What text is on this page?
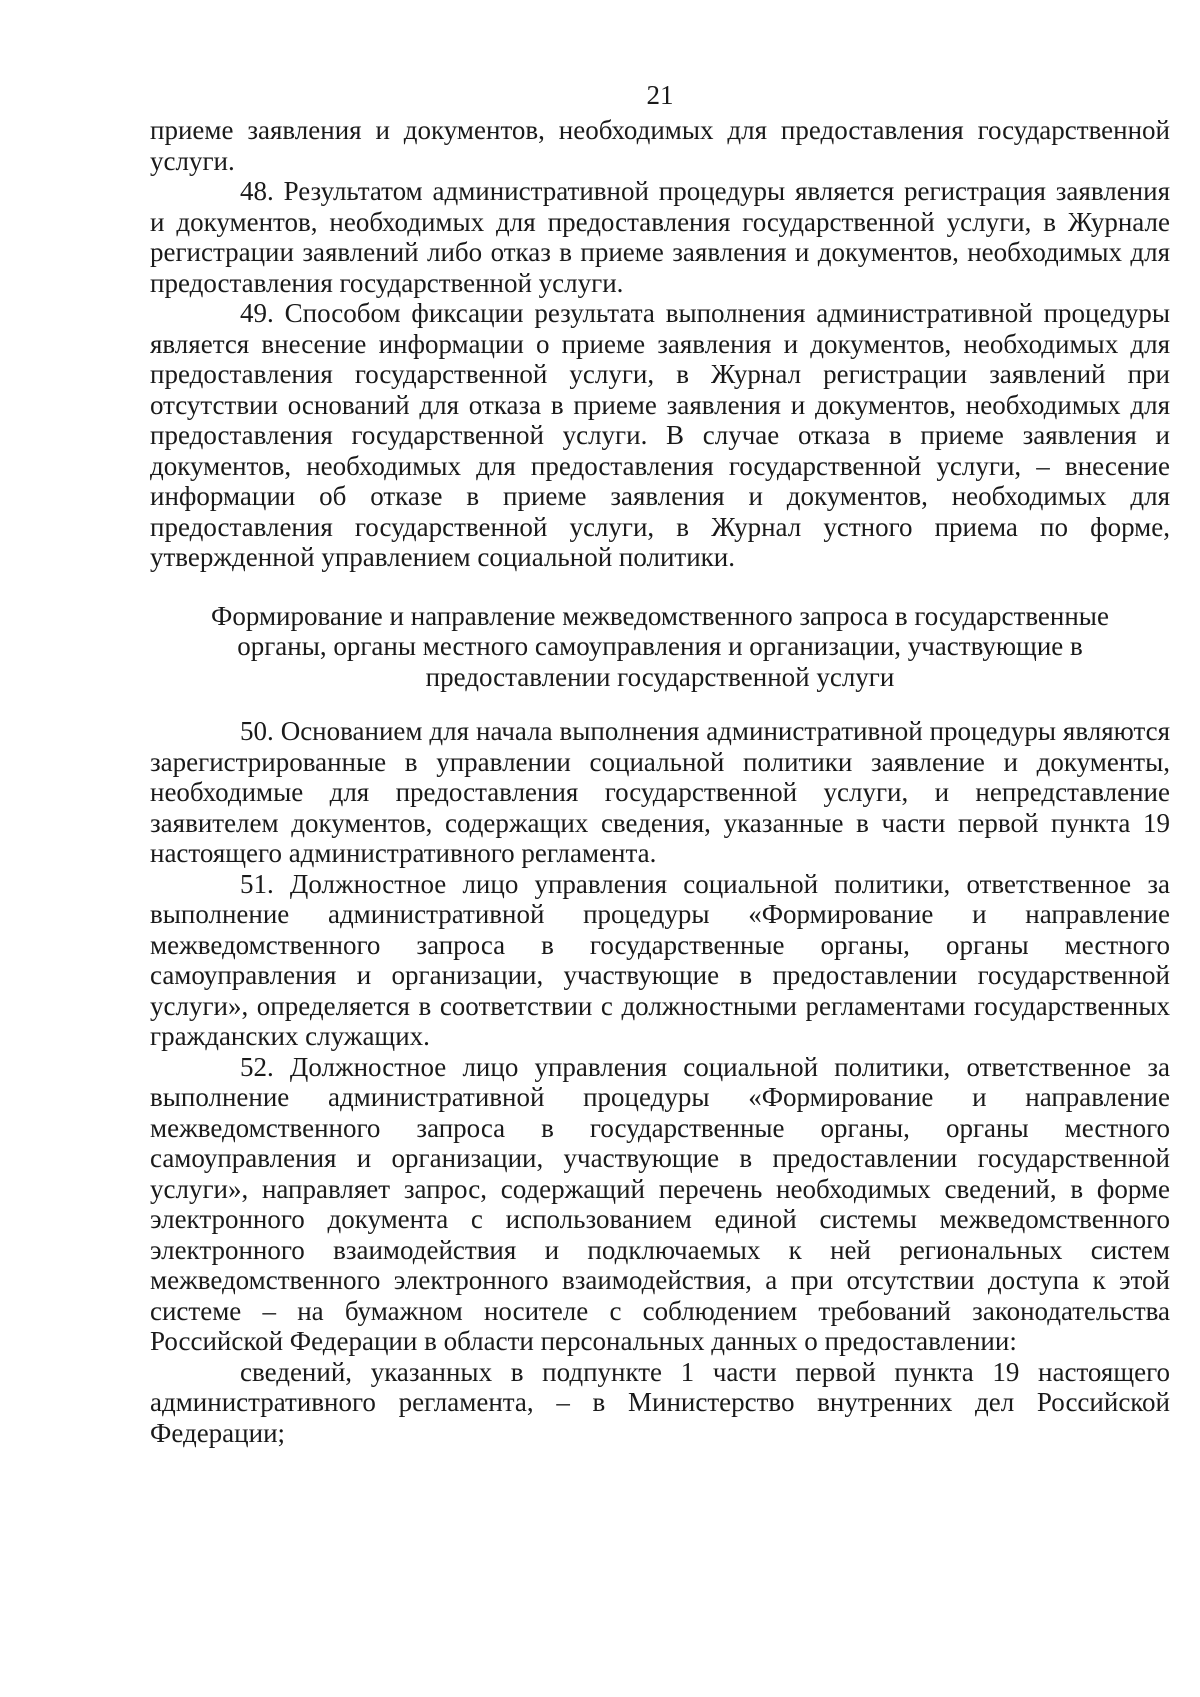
21

приеме заявления и документов, необходимых для предоставления государственной услуги.

48. Результатом административной процедуры является регистрация заявления и документов, необходимых для предоставления государственной услуги, в Журнале регистрации заявлений либо отказ в приеме заявления и документов, необходимых для предоставления государственной услуги.

49. Способом фиксации результата выполнения административной процедуры является внесение информации о приеме заявления и документов, необходимых для предоставления государственной услуги, в Журнал регистрации заявлений при отсутствии оснований для отказа в приеме заявления и документов, необходимых для предоставления государственной услуги. В случае отказа в приеме заявления и документов, необходимых для предоставления государственной услуги, – внесение информации об отказе в приеме заявления и документов, необходимых для предоставления государственной услуги, в Журнал устного приема по форме, утвержденной управлением социальной политики.

Формирование и направление межведомственного запроса в государственные
органы, органы местного самоуправления и организации, участвующие в
предоставлении государственной услуги

50. Основанием для начала выполнения административной процедуры являются зарегистрированные в управлении социальной политики заявление и документы, необходимые для предоставления государственной услуги, и непредставление заявителем документов, содержащих сведения, указанные в части первой пункта 19 настоящего административного регламента.

51. Должностное лицо управления социальной политики, ответственное за выполнение административной процедуры «Формирование и направление межведомственного запроса в государственные органы, органы местного самоуправления и организации, участвующие в предоставлении государственной услуги», определяется в соответствии с должностными регламентами государственных гражданских служащих.

52. Должностное лицо управления социальной политики, ответственное за выполнение административной процедуры «Формирование и направление межведомственного запроса в государственные органы, органы местного самоуправления и организации, участвующие в предоставлении государственной услуги», направляет запрос, содержащий перечень необходимых сведений, в форме электронного документа с использованием единой системы межведомственного электронного взаимодействия и подключаемых к ней региональных систем межведомственного электронного взаимодействия, а при отсутствии доступа к этой системе – на бумажном носителе с соблюдением требований законодательства Российской Федерации в области персональных данных о предоставлении:

сведений, указанных в подпункте 1 части первой пункта 19 настоящего административного регламента, – в Министерство внутренних дел Российской Федерации;
